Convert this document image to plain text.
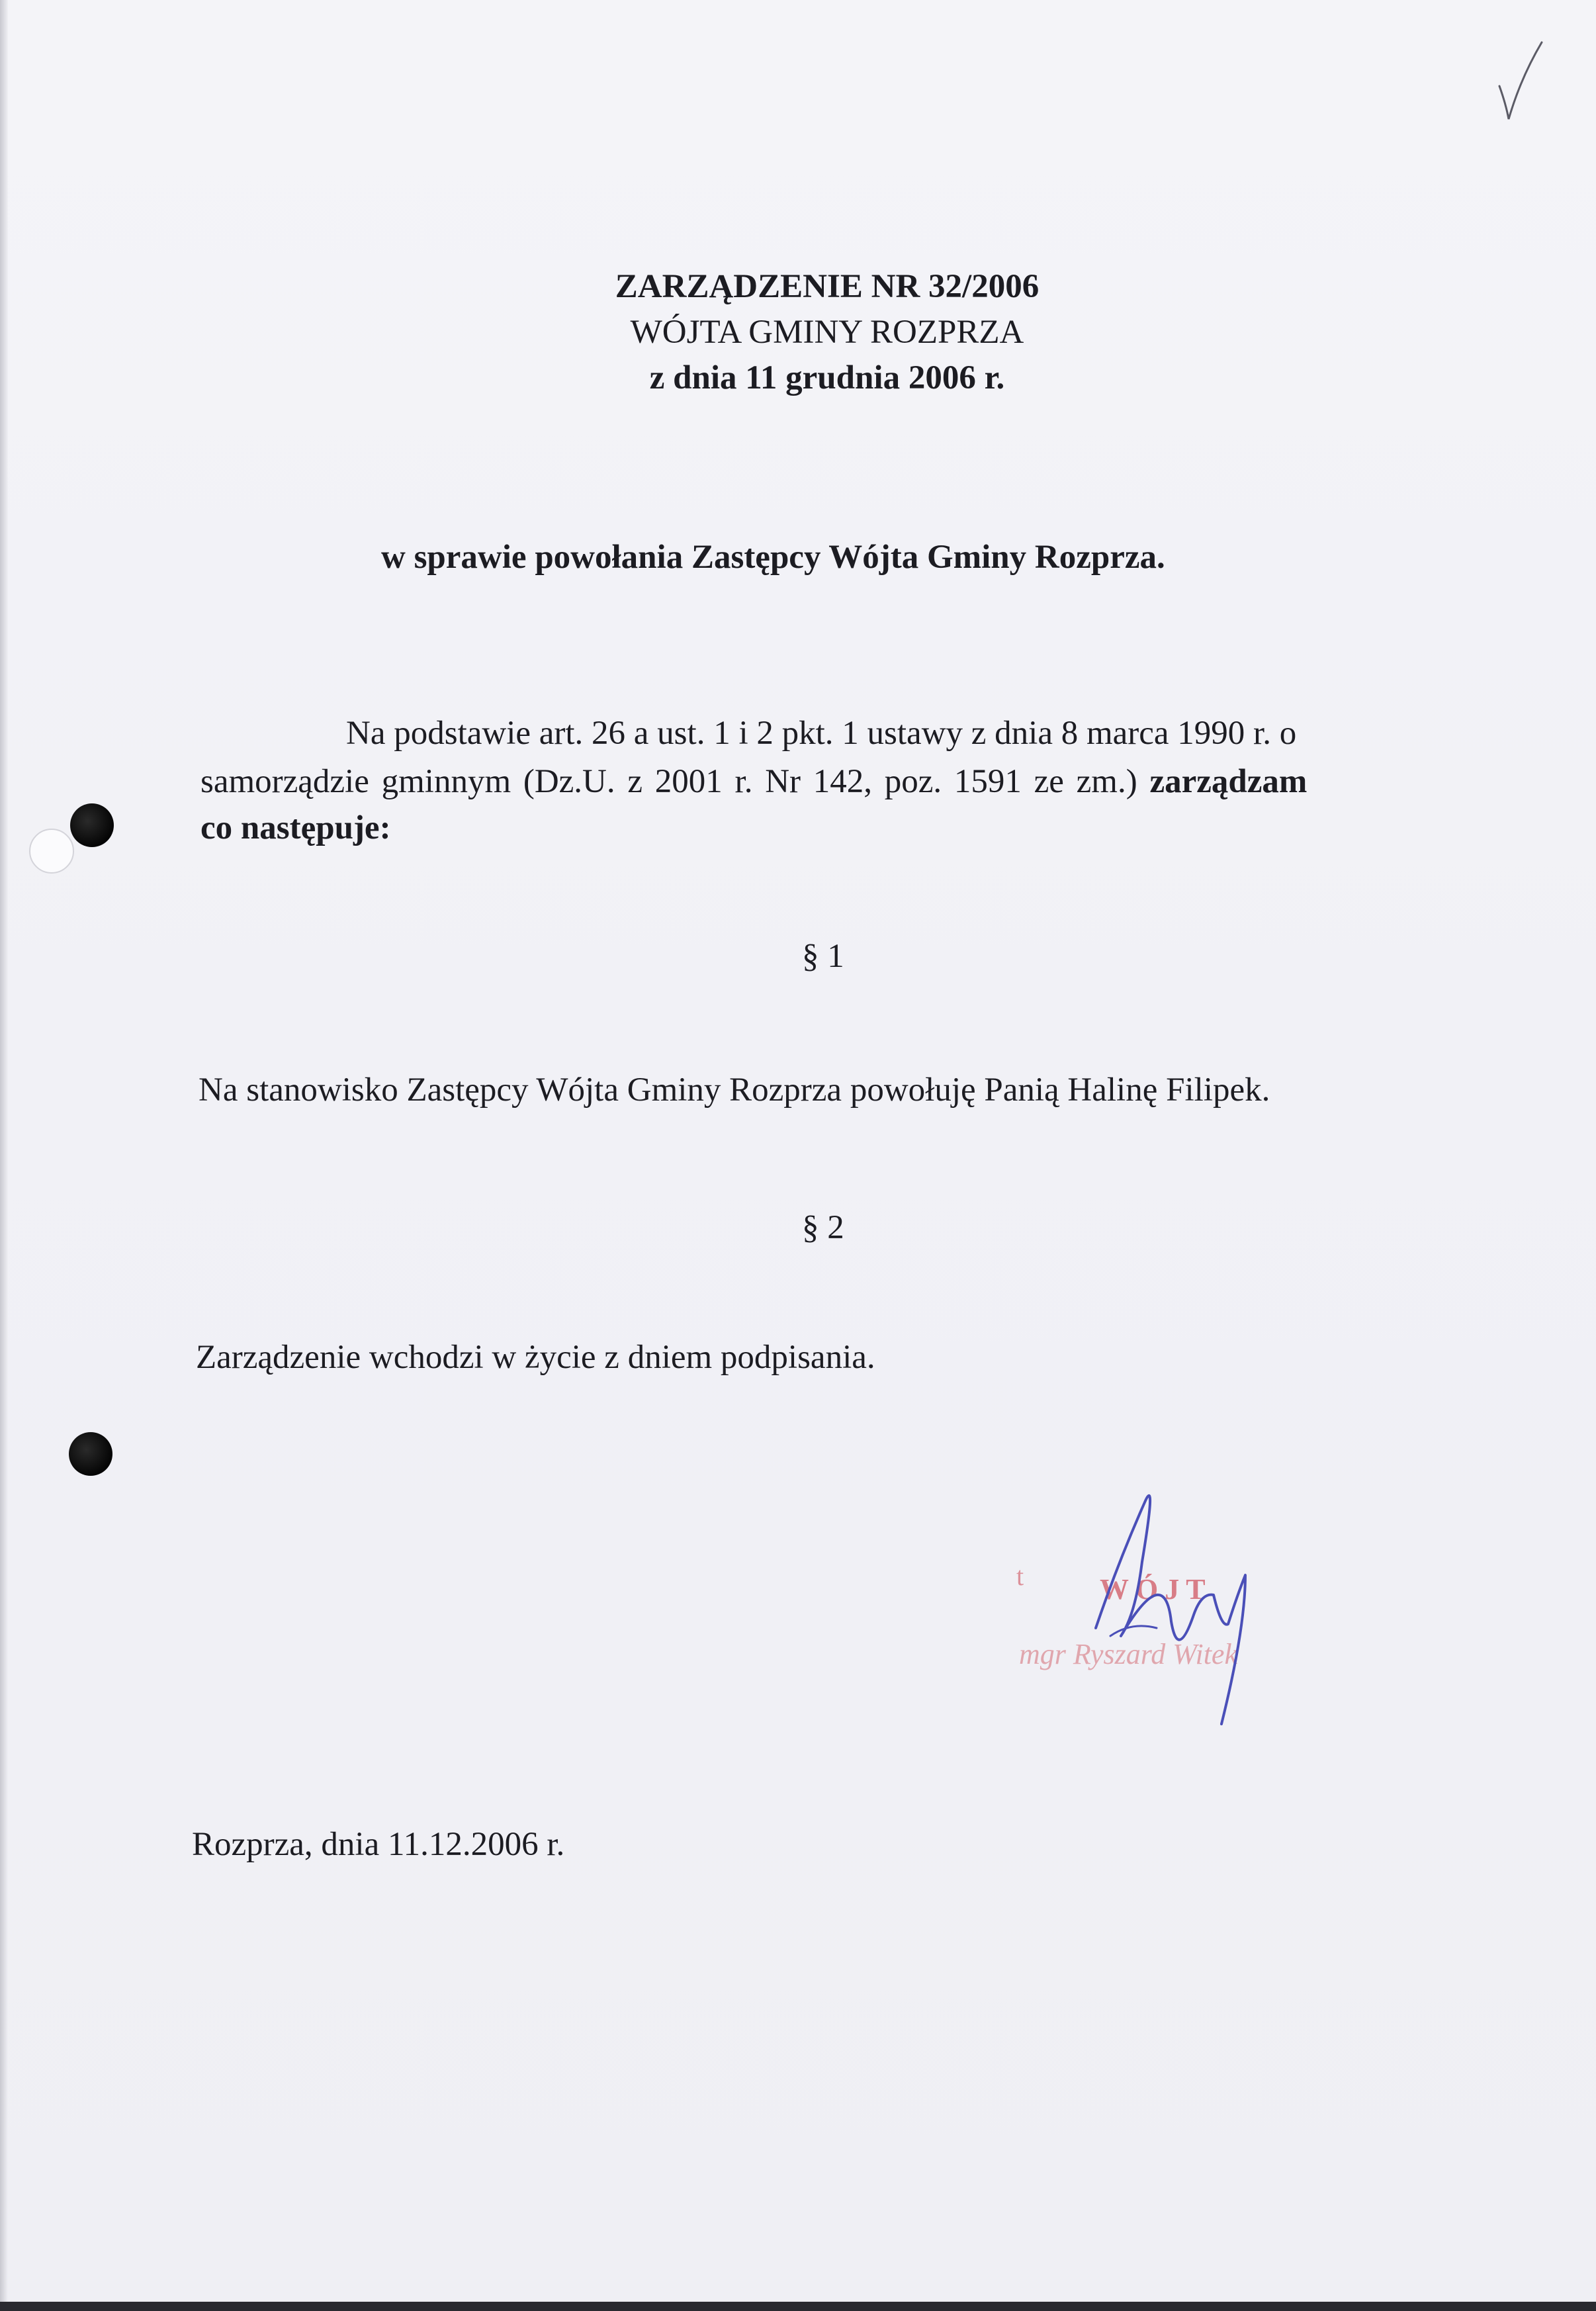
ZARZĄDZENIE NR 32/2006
WÓJTA GMINY ROZPRZA
z dnia 11 grudnia 2006 r.
w sprawie powołania Zastępcy Wójta Gminy Rozprza.
Na podstawie art. 26 a ust. 1 i 2 pkt. 1 ustawy z dnia 8 marca 1990 r. o
samorządzie gminnym (Dz.U. z 2001 r. Nr 142, poz. 1591 ze zm.) zarządzam
co następuje:
§ 1
Na stanowisko Zastępcy Wójta Gminy Rozprza powołuję Panią Halinę Filipek.
§ 2
Zarządzenie wchodzi w życie z dniem podpisania.
t	WÓJT
mgr Ryszard Witek
Rozprza, dnia 11.12.2006 r.
